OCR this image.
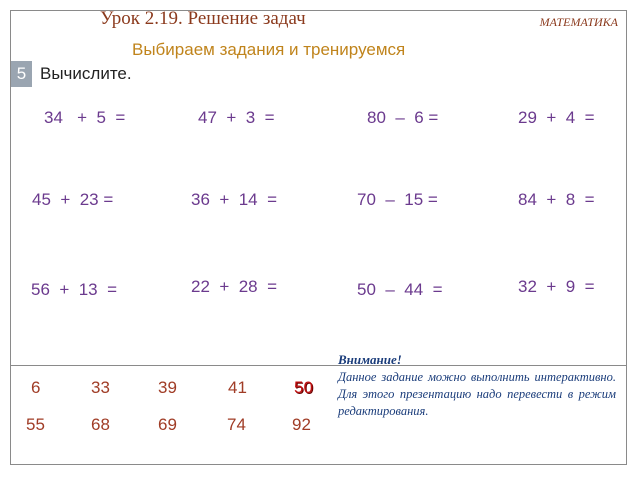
Урок 2.19. Решение задач	МАТЕМАТИКА
Выбираем задания и тренируемся
5 Вычислите.
34   +  5  =	47  +  3  =	80  –  6 =	29  +  4  =
45  +  23 =	36  +  14  =	70  –  15 =	84  +  8  =
56  +  13  =	22  +  28  =	50  –  44  =	32  +  9  =
6	33	39	41	50
55	68	69	74	92
Внимание!

Данное задание можно выполнить интерактивно. Для этого презентацию надо перевести в режим редактирования.
